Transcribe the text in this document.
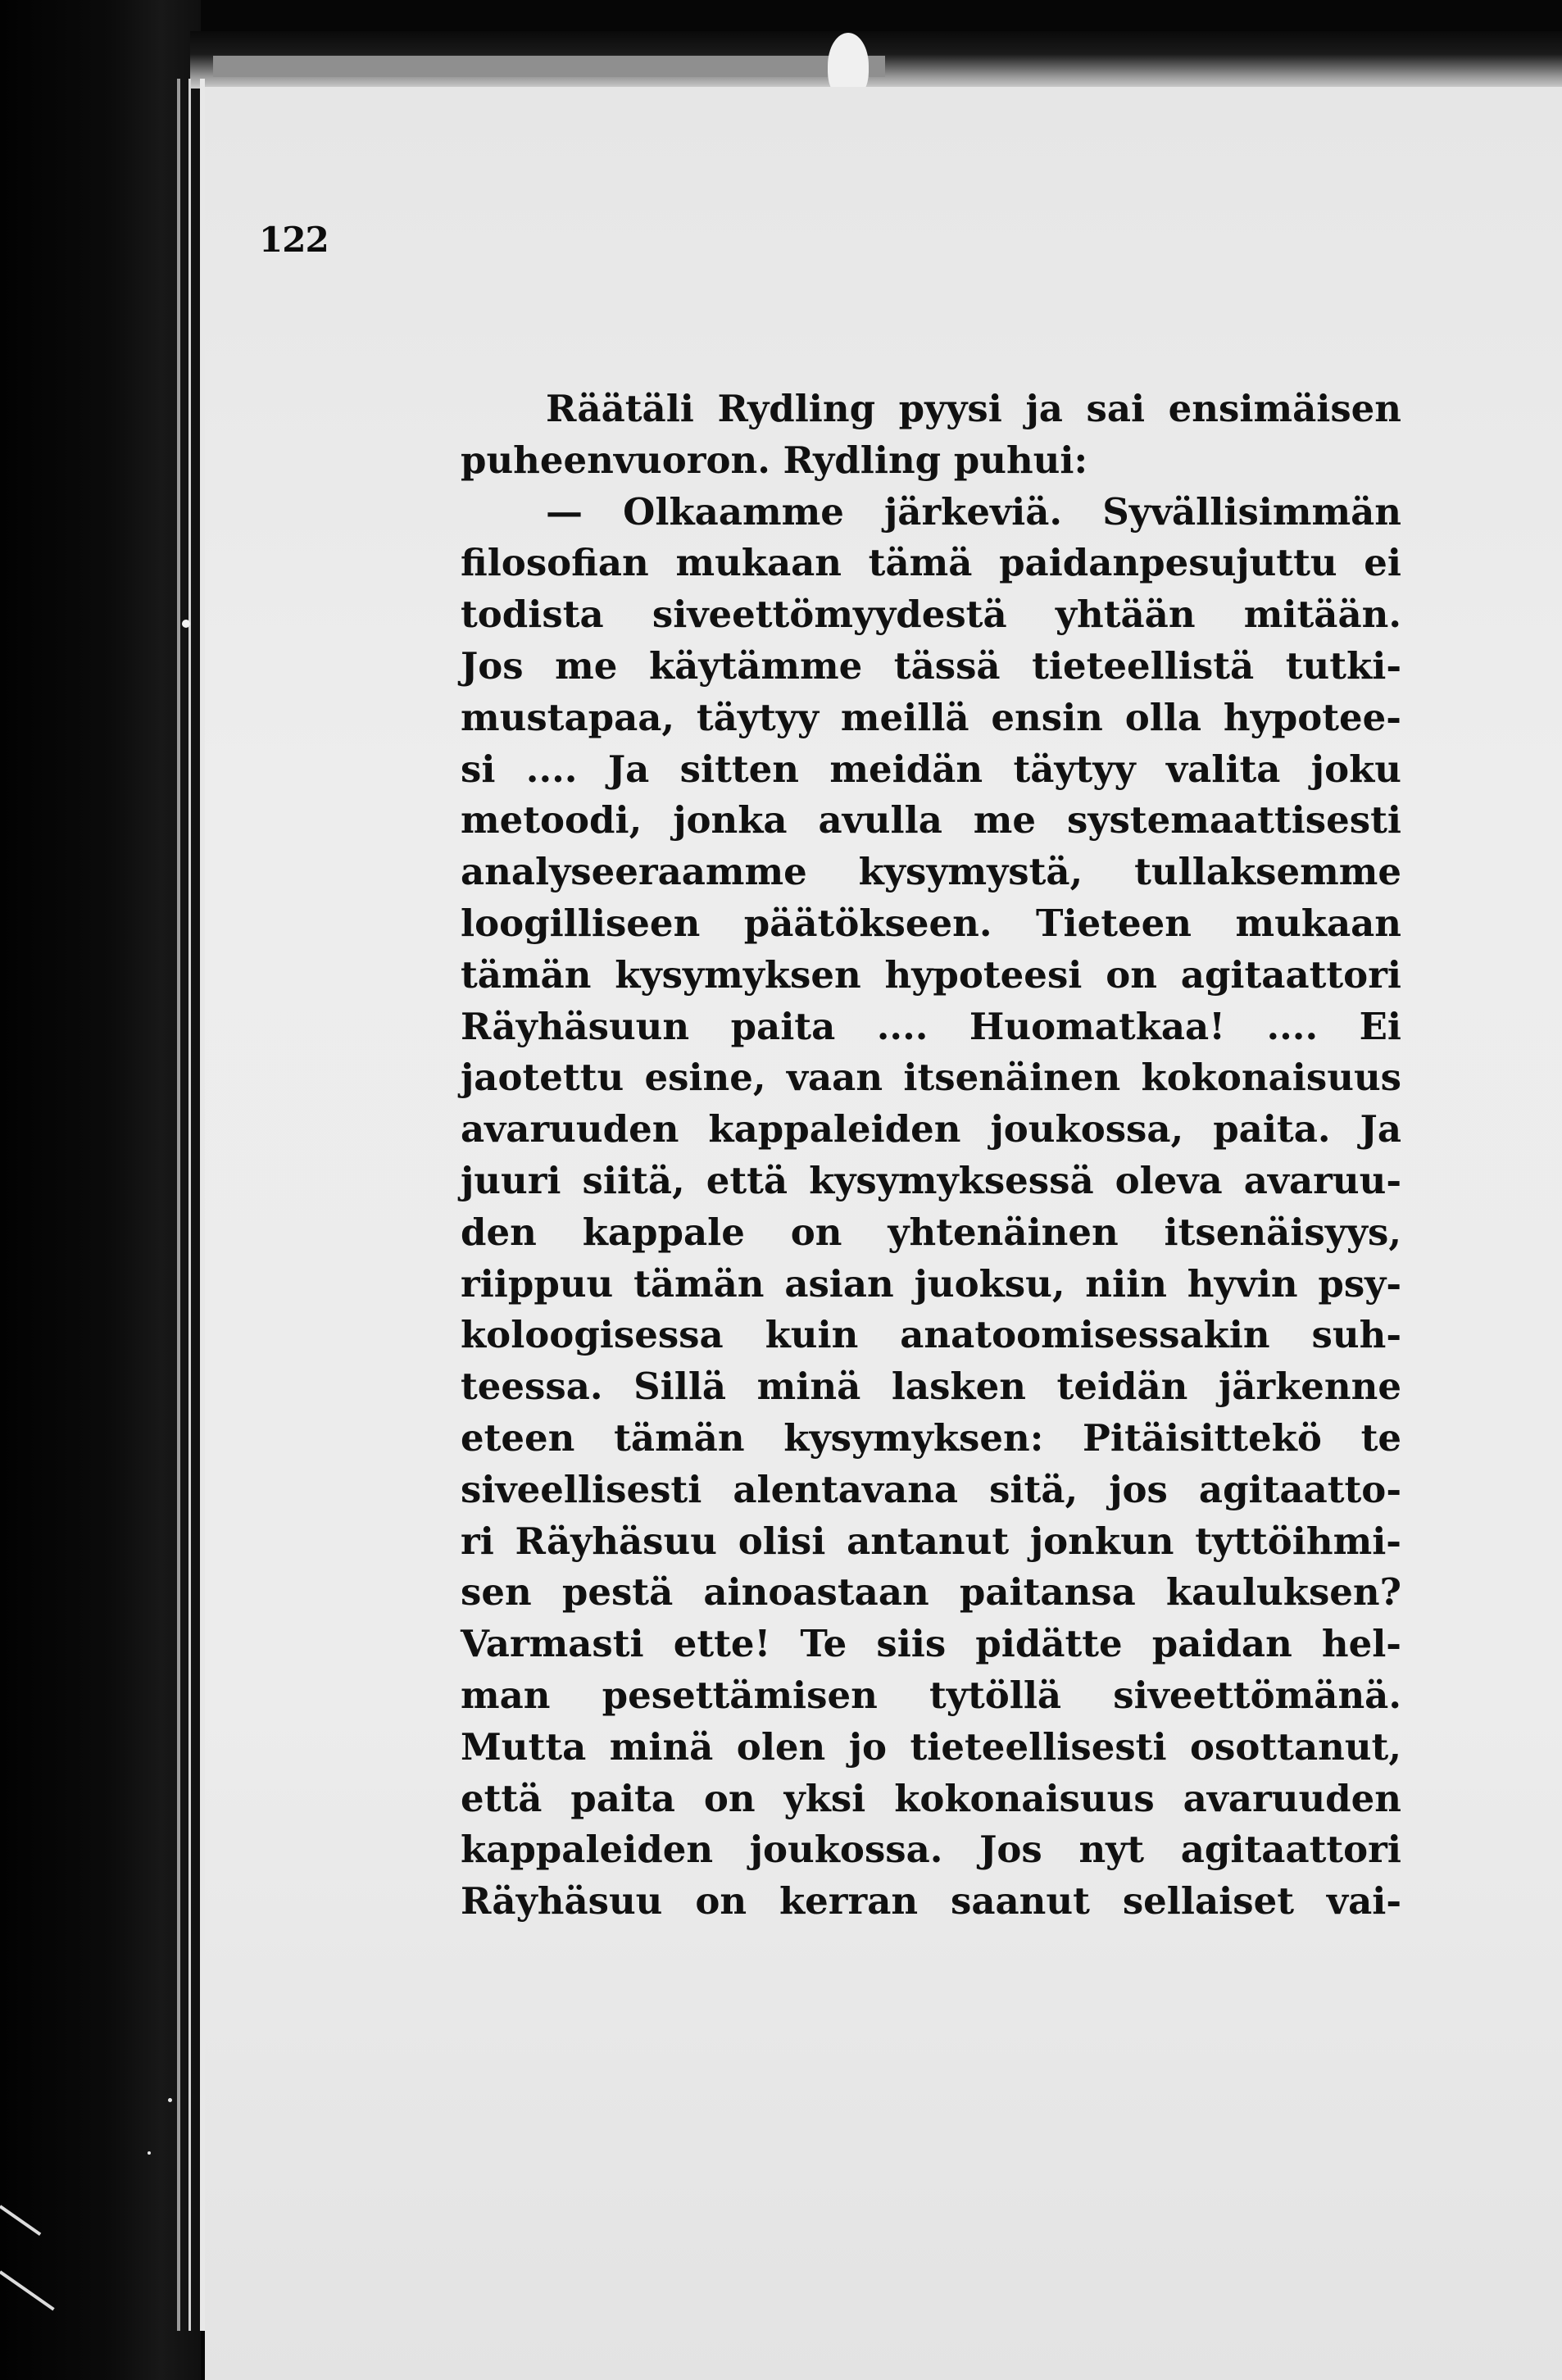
122
Räätäli Rydling pyysi ja sai ensimäisen
puheenvuoron. Rydling puhui:
— Olkaamme järkeviä. Syvällisimmän
filosofian mukaan tämä paidanpesujuttu ei
todista siveettömyydestä yhtään mitään.
Jos me käytämme tässä tieteellistä tutki-
mustapaa, täytyy meillä ensin olla hypotee-
si .... Ja sitten meidän täytyy valita joku
metoodi, jonka avulla me systemaattisesti
analyseeraamme kysymystä, tullaksemme
loogilliseen päätökseen. Tieteen mukaan
tämän kysymyksen hypoteesi on agitaattori
Räyhäsuun paita .... Huomatkaa! .... Ei
jaotettu esine, vaan itsenäinen kokonaisuus
avaruuden kappaleiden joukossa, paita. Ja
juuri siitä, että kysymyksessä oleva avaruu-
den kappale on yhtenäinen itsenäisyys,
riippuu tämän asian juoksu, niin hyvin psy-
koloogisessa kuin anatoomisessakin suh-
teessa. Sillä minä lasken teidän järkenne
eteen tämän kysymyksen: Pitäisittekö te
siveellisesti alentavana sitä, jos agitaatto-
ri Räyhäsuu olisi antanut jonkun tyttöihmi-
sen pestä ainoastaan paitansa kauluksen?
Varmasti ette! Te siis pidätte paidan hel-
man pesettämisen tytöllä siveettömänä.
Mutta minä olen jo tieteellisesti osottanut,
että paita on yksi kokonaisuus avaruuden
kappaleiden joukossa. Jos nyt agitaattori
Räyhäsuu on kerran saanut sellaiset vai-
